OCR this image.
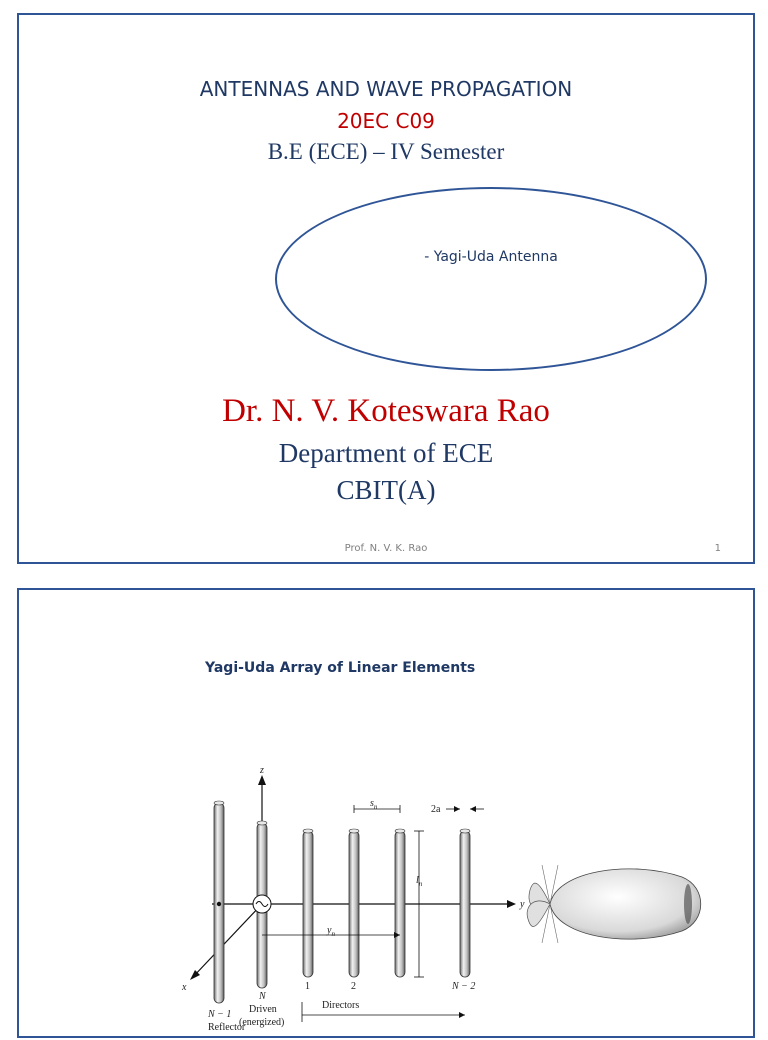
ANTENNAS AND WAVE PROPAGATION
20EC C09
B.E (ECE) – IV Semester
- Yagi-Uda Antenna
Dr. N. V. Koteswara Rao
Department of ECE
CBIT(A)
Prof. N. V. K. Rao	1
Yagi-Uda Array of Linear Elements
y
z
x
$s_n$	2a
$l_n$
$y_n$
N − 1
Reflector
N
Driven
(energized)
1	2	N − 2
Directors
